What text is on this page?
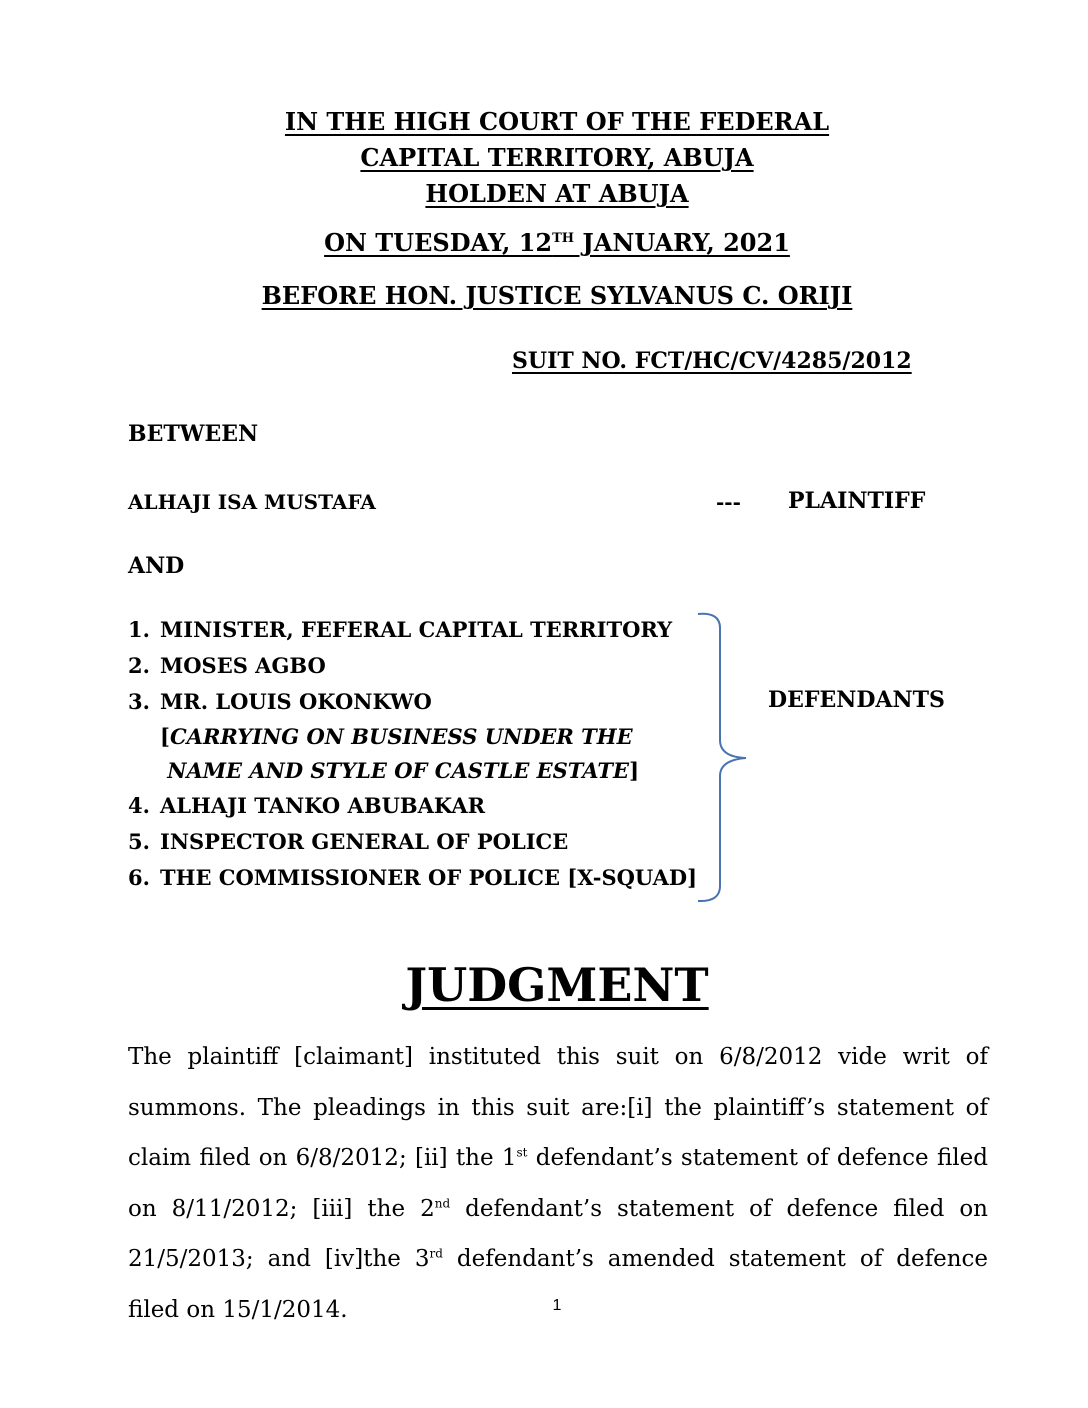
IN THE HIGH COURT OF THE FEDERAL
CAPITAL TERRITORY, ABUJA
HOLDEN AT ABUJA
ON TUESDAY, 12TH JANUARY, 2021
BEFORE HON. JUSTICE SYLVANUS C. ORIJI
SUIT NO. FCT/HC/CV/4285/2012
BETWEEN
ALHAJI ISA MUSTAFA	--- PLAINTIFF
AND
1. MINISTER, FEFERAL CAPITAL TERRITORY
2. MOSES AGBO
3. MR. LOUIS OKONKWO
[CARRYING ON BUSINESS UNDER THE
NAME AND STYLE OF CASTLE ESTATE]
4. ALHAJI TANKO ABUBAKAR
5. INSPECTOR GENERAL OF POLICE
6. THE COMMISSIONER OF POLICE [X-SQUAD]
DEFENDANTS
JUDGMENT
The plaintiff [claimant] instituted this suit on 6/8/2012 vide writ of summons. The pleadings in this suit are:[i] the plaintiff’s statement of claim filed on 6/8/2012; [ii] the 1st defendant’s statement of defence filed on 8/11/2012; [iii] the 2nd defendant’s statement of defence filed on 21/5/2013; and [iv]the 3rd defendant’s amended statement of defence filed on 15/1/2014.	1
